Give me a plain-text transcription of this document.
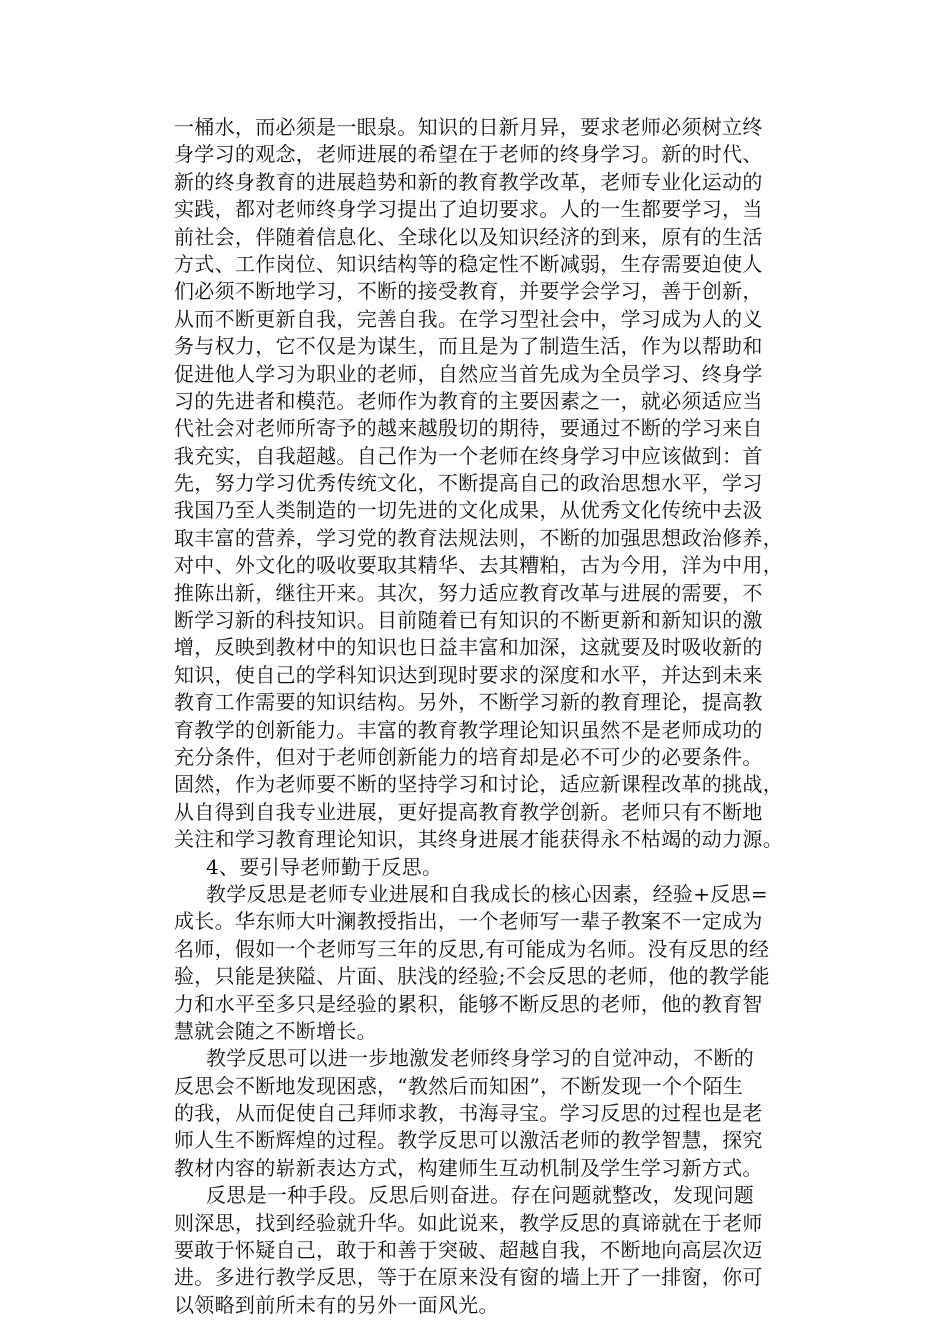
一桶水，而必须是一眼泉。知识的日新月异，要求老师必须树立终
身学习的观念，老师进展的希望在于老师的终身学习。新的时代、
新的终身教育的进展趋势和新的教育教学改革，老师专业化运动的
实践，都对老师终身学习提出了迫切要求。人的一生都要学习，当
前社会，伴随着信息化、全球化以及知识经济的到来，原有的生活
方式、工作岗位、知识结构等的稳定性不断减弱，生存需要迫使人
们必须不断地学习，不断的接受教育，并要学会学习，善于创新，
从而不断更新自我，完善自我。在学习型社会中，学习成为人的义
务与权力，它不仅是为谋生，而且是为了制造生活，作为以帮助和
促进他人学习为职业的老师，自然应当首先成为全员学习、终身学
习的先进者和模范。老师作为教育的主要因素之一，就必须适应当
代社会对老师所寄予的越来越殷切的期待，要通过不断的学习来自
我充实，自我超越。自己作为一个老师在终身学习中应该做到：首
先，努力学习优秀传统文化，不断提高自己的政治思想水平，学习
我国乃至人类制造的一切先进的文化成果，从优秀文化传统中去汲
取丰富的营养，学习党的教育法规法则，不断的加强思想政治修养，
对中、外文化的吸收要取其精华、去其糟粕，古为今用，洋为中用，
推陈出新，继往开来。其次，努力适应教育改革与进展的需要，不
断学习新的科技知识。目前随着已有知识的不断更新和新知识的激
增，反映到教材中的知识也日益丰富和加深，这就要及时吸收新的
知识，使自己的学科知识达到现时要求的深度和水平，并达到未来
教育工作需要的知识结构。另外，不断学习新的教育理论，提高教
育教学的创新能力。丰富的教育教学理论知识虽然不是老师成功的
充分条件，但对于老师创新能力的培育却是必不可少的必要条件。
固然，作为老师要不断的坚持学习和讨论，适应新课程改革的挑战，
从自得到自我专业进展，更好提高教育教学创新。老师只有不断地
关注和学习教育理论知识，其终身进展才能获得永不枯竭的动力源。
4、要引导老师勤于反思。
教学反思是老师专业进展和自我成长的核心因素，经验+反思=
成长。华东师大叶澜教授指出，一个老师写一辈子教案不一定成为
名师，假如一个老师写三年的反思,有可能成为名师。没有反思的经
验，只能是狭隘、片面、肤浅的经验;不会反思的老师，他的教学能
力和水平至多只是经验的累积，能够不断反思的老师，他的教育智
慧就会随之不断增长。
教学反思可以进一步地激发老师终身学习的自觉冲动，不断的
反思会不断地发现困惑，“教然后而知困”，不断发现一个个陌生
的我，从而促使自己拜师求教，书海寻宝。学习反思的过程也是老
师人生不断辉煌的过程。教学反思可以激活老师的教学智慧，探究
教材内容的崭新表达方式，构建师生互动机制及学生学习新方式。
反思是一种手段。反思后则奋进。存在问题就整改，发现问题
则深思，找到经验就升华。如此说来，教学反思的真谛就在于老师
要敢于怀疑自己，敢于和善于突破、超越自我，不断地向高层次迈
进。多进行教学反思，等于在原来没有窗的墙上开了一排窗，你可
以领略到前所未有的另外一面风光。
